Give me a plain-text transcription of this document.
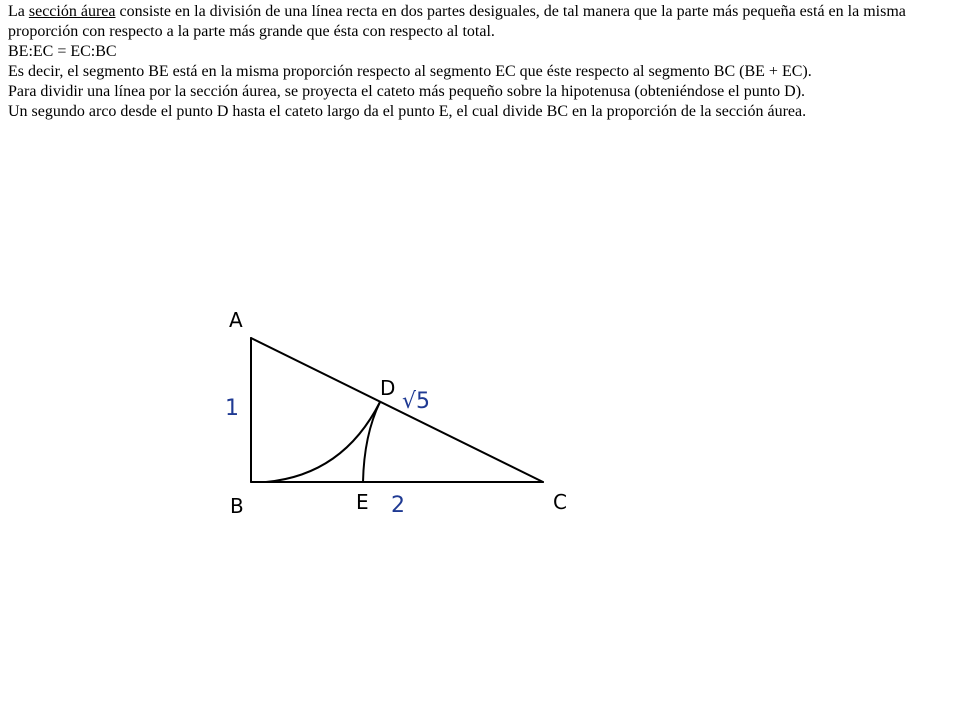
La sección áurea consiste en la división de una línea recta en dos partes desiguales, de tal manera que la parte más pequeña está en la misma proporción con respecto a la parte más grande que ésta con respecto al total.

BE:EC = EC:BC

Es decir, el segmento BE está en la misma proporción respecto al segmento EC que éste respecto al segmento BC (BE + EC).

Para dividir una línea por la sección áurea, se proyecta el cateto más pequeño sobre la hipotenusa (obteniéndose el punto D).

Un segundo arco desde el punto D hasta el cateto largo da el punto E, el cual divide BC en la proporción de la sección áurea.

A
B	C
D
E
1
2
√5
